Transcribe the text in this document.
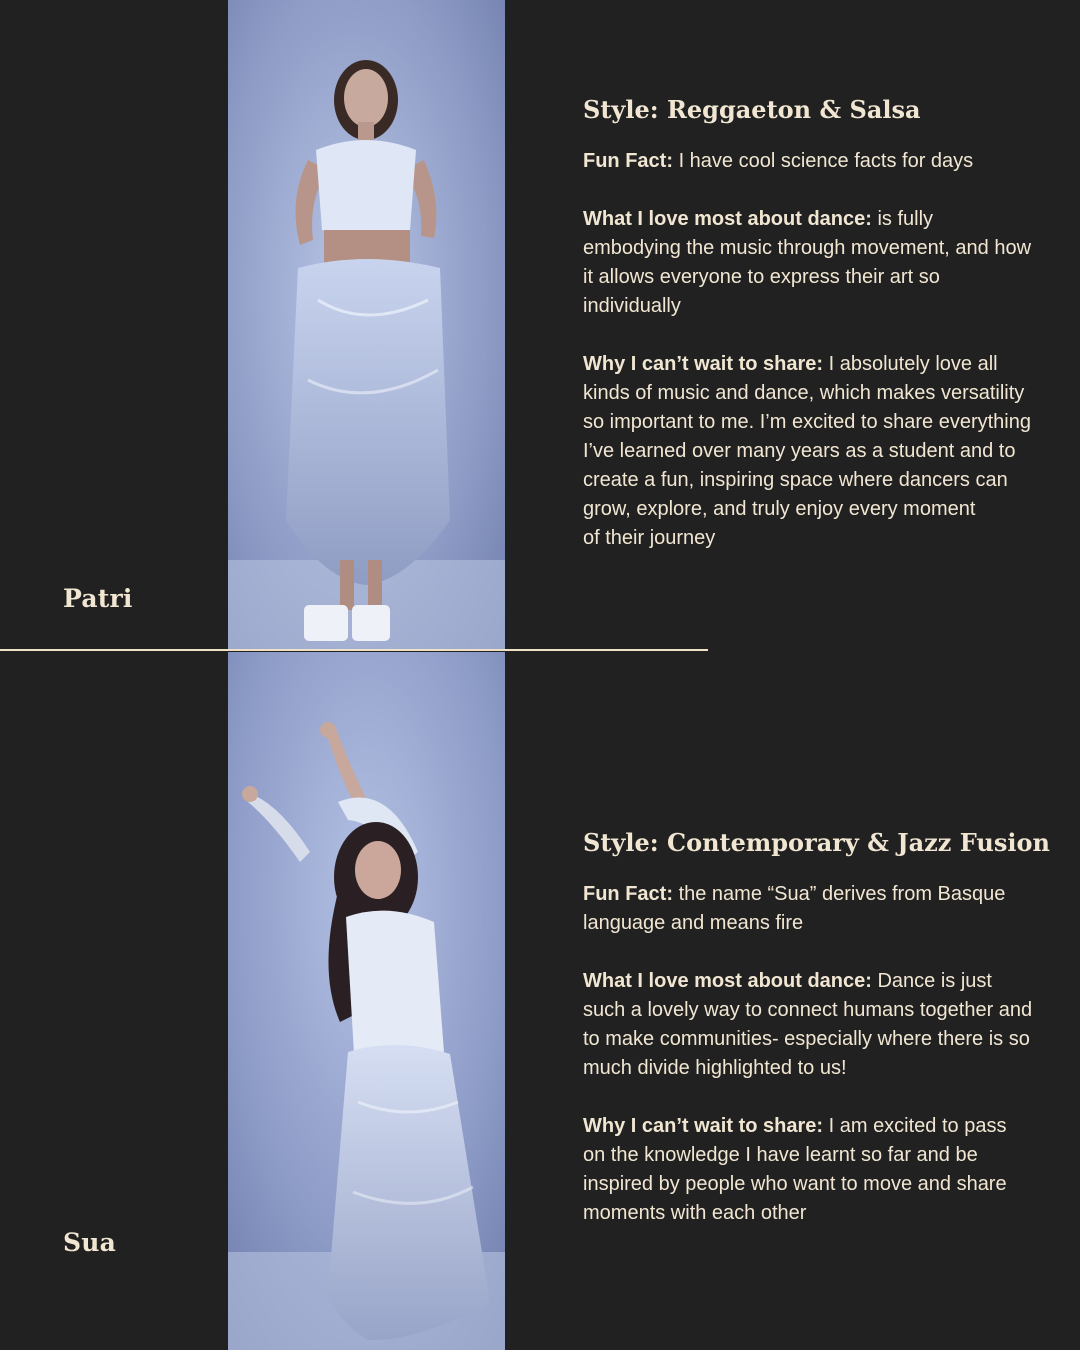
Patri
Style: Reggaeton & Salsa

Fun Fact: I have cool science facts for days

What I love most about dance: is fully embodying the music through movement, and how it allows everyone to express their art so individually

Why I can’t wait to share: I absolutely love all kinds of music and dance, which makes versatility so important to me. I’m excited to share everything I’ve learned over many years as a student and to create a fun, inspiring space where dancers can grow, explore, and truly enjoy every moment
of their journey

Sua
Style: Contemporary & Jazz Fusion

Fun Fact: the name “Sua” derives from Basque language and means fire

What I love most about dance: Dance is just such a lovely way to connect humans together and to make communities- especially where there is so much divide highlighted to us!

Why I can’t wait to share: I am excited to pass on the knowledge I have learnt so far and be inspired by people who want to move and share moments with each other
